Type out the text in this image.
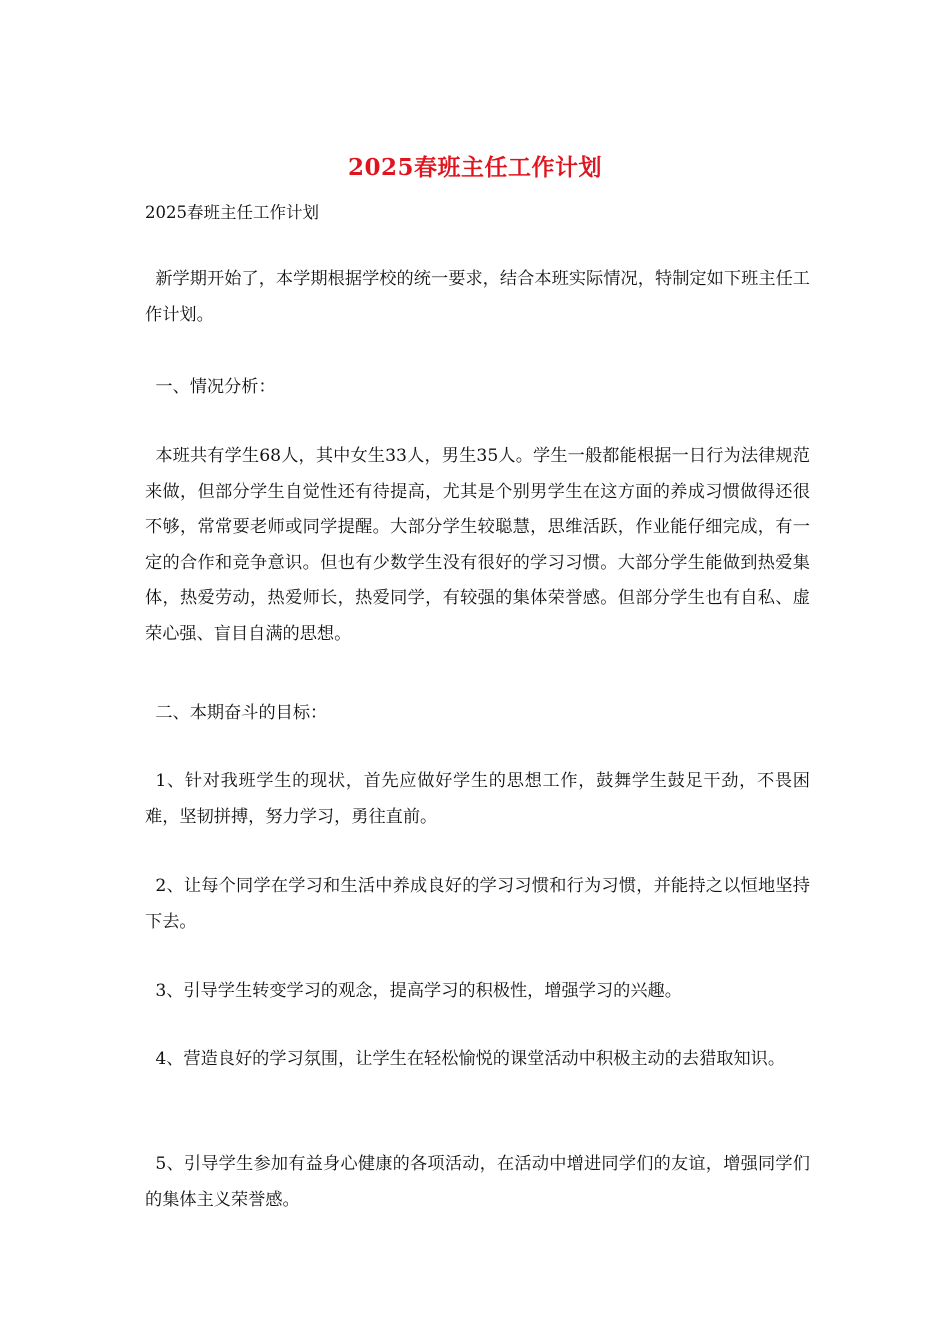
2025春班主任工作计划
2025春班主任工作计划

新学期开始了，本学期根据学校的统一要求，结合本班实际情况，特制定如下班主任工作计划。

一、情况分析：

本班共有学生68人，其中女生33人，男生35人。学生一般都能根据一日行为法律规范来做，但部分学生自觉性还有待提高，尤其是个别男学生在这方面的养成习惯做得还很不够，常常要老师或同学提醒。大部分学生较聪慧，思维活跃，作业能仔细完成，有一定的合作和竞争意识。但也有少数学生没有很好的学习习惯。大部分学生能做到热爱集体，热爱劳动，热爱师长，热爱同学，有较强的集体荣誉感。但部分学生也有自私、虚荣心强、盲目自满的思想。

二、本期奋斗的目标：

1、针对我班学生的现状，首先应做好学生的思想工作，鼓舞学生鼓足干劲，不畏困难，坚韧拼搏，努力学习，勇往直前。

2、让每个同学在学习和生活中养成良好的学习习惯和行为习惯，并能持之以恒地坚持下去。

3、引导学生转变学习的观念，提高学习的积极性，增强学习的兴趣。

4、营造良好的学习氛围，让学生在轻松愉悦的课堂活动中积极主动的去猎取知识。

5、引导学生参加有益身心健康的各项活动，在活动中增进同学们的友谊，增强同学们的集体主义荣誉感。
